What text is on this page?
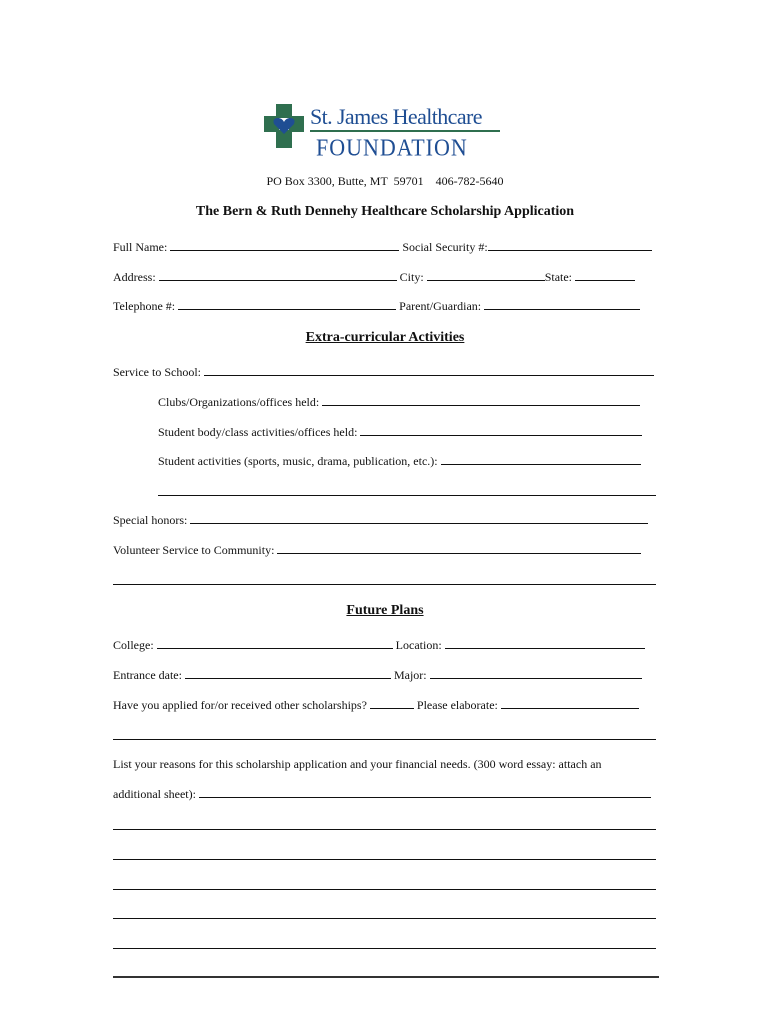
St. James Healthcare
FOUNDATION
PO Box 3300, Butte, MT  59701    406-782-5640
The Bern & Ruth Dennehy Healthcare Scholarship Application
Full Name:	Social Security #:
Address:	City:	State:
Telephone #:	Parent/Guardian:
Extra-curricular Activities
Service to School:
Clubs/Organizations/offices held:
Student body/class activities/offices held:
Student activities (sports, music, drama, publication, etc.):
Special honors:
Volunteer Service to Community:
Future Plans
College:	Location:
Entrance date:	Major:
Have you applied for/or received other scholarships?	Please elaborate:
List your reasons for this scholarship application and your financial needs. (300 word essay: attach an
additional sheet):
